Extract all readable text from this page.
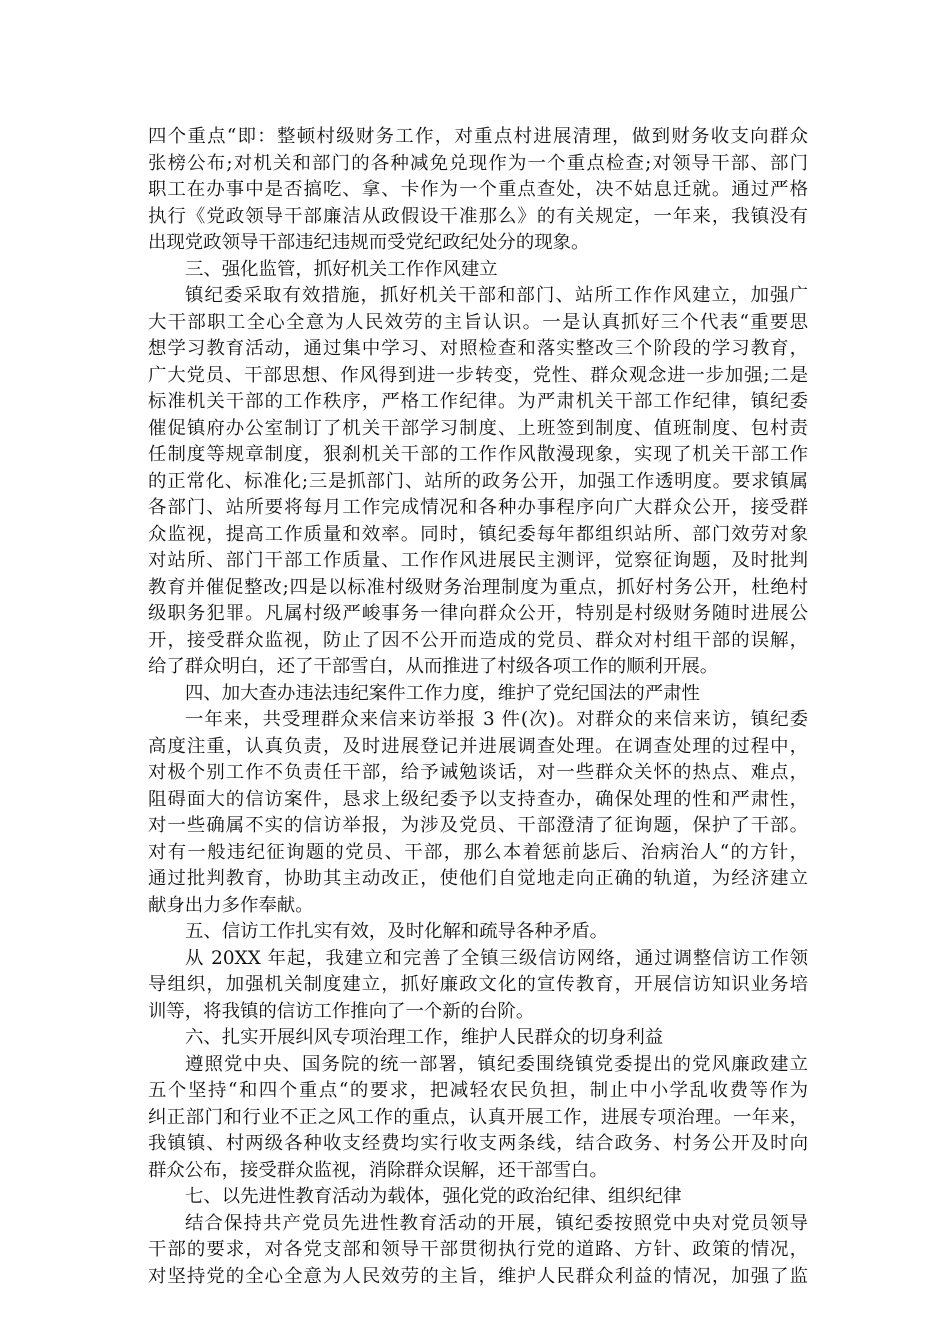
四个重点“即：整顿村级财务工作，对重点村进展清理，做到财务收支向群众
张榜公布;对机关和部门的各种减免兑现作为一个重点检查;对领导干部、部门
职工在办事中是否搞吃、拿、卡作为一个重点查处，决不姑息迁就。通过严格
执行《党政领导干部廉洁从政假设干准那么》的有关规定，一年来，我镇没有
出现党政领导干部违纪违规而受党纪政纪处分的现象。
三、强化监管，抓好机关工作作风建立
镇纪委采取有效措施，抓好机关干部和部门、站所工作作风建立，加强广
大干部职工全心全意为人民效劳的主旨认识。一是认真抓好三个代表“重要思
想学习教育活动，通过集中学习、对照检查和落实整改三个阶段的学习教育，
广大党员、干部思想、作风得到进一步转变，党性、群众观念进一步加强;二是
标准机关干部的工作秩序，严格工作纪律。为严肃机关干部工作纪律，镇纪委
催促镇府办公室制订了机关干部学习制度、上班签到制度、值班制度、包村责
任制度等规章制度，狠刹机关干部的工作作风散漫现象，实现了机关干部工作
的正常化、标准化;三是抓部门、站所的政务公开，加强工作透明度。要求镇属
各部门、站所要将每月工作完成情况和各种办事程序向广大群众公开，接受群
众监视，提高工作质量和效率。同时，镇纪委每年都组织站所、部门效劳对象
对站所、部门干部工作质量、工作作风进展民主测评，觉察征询题，及时批判
教育并催促整改;四是以标准村级财务治理制度为重点，抓好村务公开，杜绝村
级职务犯罪。凡属村级严峻事务一律向群众公开，特别是村级财务随时进展公
开，接受群众监视，防止了因不公开而造成的党员、群众对村组干部的误解，
给了群众明白，还了干部雪白，从而推进了村级各项工作的顺利开展。
四、加大查办违法违纪案件工作力度，维护了党纪国法的严肃性
一年来，共受理群众来信来访举报 3 件(次)。对群众的来信来访，镇纪委
高度注重，认真负责，及时进展登记并进展调查处理。在调查处理的过程中，
对极个别工作不负责任干部，给予诫勉谈话，对一些群众关怀的热点、难点，
阻碍面大的信访案件，恳求上级纪委予以支持查办，确保处理的性和严肃性，
对一些确属不实的信访举报，为涉及党员、干部澄清了征询题，保护了干部。
对有一般违纪征询题的党员、干部，那么本着惩前毖后、治病治人“的方针，
通过批判教育，协助其主动改正，使他们自觉地走向正确的轨道，为经济建立
献身出力多作奉献。
五、信访工作扎实有效，及时化解和疏导各种矛盾。
从 20XX 年起，我建立和完善了全镇三级信访网络，通过调整信访工作领
导组织，加强机关制度建立，抓好廉政文化的宣传教育，开展信访知识业务培
训等，将我镇的信访工作推向了一个新的台阶。
六、扎实开展纠风专项治理工作，维护人民群众的切身利益
遵照党中央、国务院的统一部署，镇纪委围绕镇党委提出的党风廉政建立
五个坚持“和四个重点“的要求，把减轻农民负担，制止中小学乱收费等作为
纠正部门和行业不正之风工作的重点，认真开展工作，进展专项治理。一年来，
我镇镇、村两级各种收支经费均实行收支两条线，结合政务、村务公开及时向
群众公布，接受群众监视，消除群众误解，还干部雪白。
七、以先进性教育活动为载体，强化党的政治纪律、组织纪律
结合保持共产党员先进性教育活动的开展，镇纪委按照党中央对党员领导
干部的要求，对各党支部和领导干部贯彻执行党的道路、方针、政策的情况，
对坚持党的全心全意为人民效劳的主旨，维护人民群众利益的情况，加强了监
